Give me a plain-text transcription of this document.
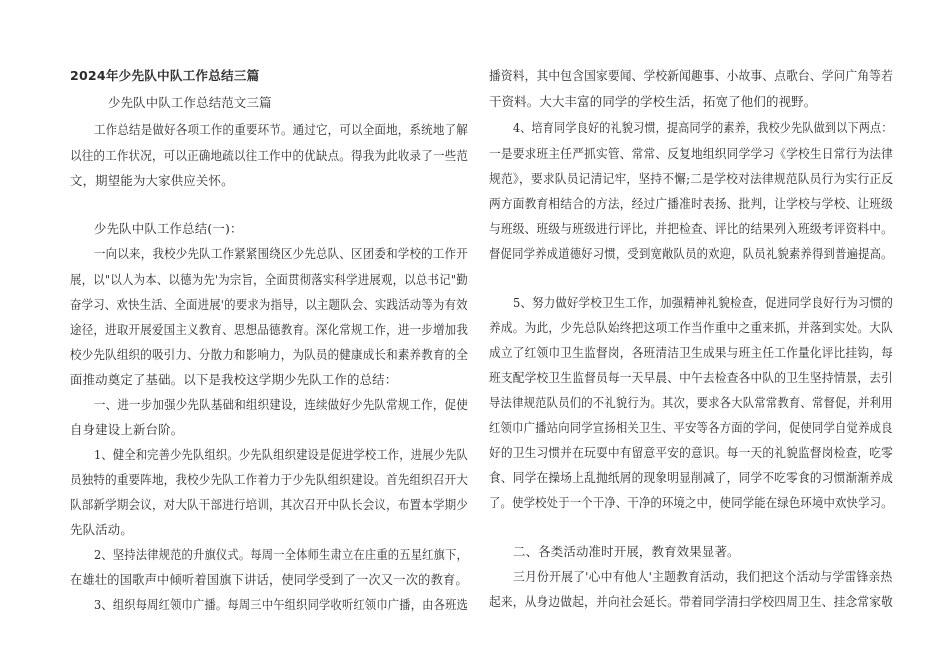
2024年少先队中队工作总结三篇
少先队中队工作总结范文三篇
工作总结是做好各项工作的重要环节。通过它，可以全面地，系统地了解
以往的工作状况，可以正确地疏以往工作中的优缺点。得我为此收录了一些范
文，期望能为大家供应关怀。
少先队中队工作总结(一)：
一向以来，我校少先队工作紧紧围绕区少先总队、区团委和学校的工作开
展，以"以人为本、以德为先'为宗旨，全面贯彻落实科学进展观，以总书记"勤
奋学习、欢快生活、全面进展'的要求为指导，以主题队会、实践活动等为有效
途径，进取开展爱国主义教育、思想品德教育。深化常规工作，进一步增加我
校少先队组织的吸引力、分散力和影响力，为队员的健康成长和素养教育的全
面推动奠定了基础。以下是我校这学期少先队工作的总结：
一、进一步加强少先队基础和组织建设，连续做好少先队常规工作，促使
自身建设上新台阶。
1、健全和完善少先队组织。少先队组织建设是促进学校工作，进展少先队
员独特的重要阵地，我校少先队工作着力于少先队组织建设。首先组织召开大
队部新学期会议，对大队干部进行培训，其次召开中队长会议，布置本学期少
先队活动。
2、坚持法律规范的升旗仪式。每周一全体师生肃立在庄重的五星红旗下，
在雄壮的国歌声中倾听着国旗下讲话，使同学受到了一次又一次的教育。
3、组织每周红领巾广播。每周三中午组织同学收听红领巾广播，由各班选
播资料，其中包含国家要闻、学校新闻趣事、小故事、点歌台、学问广角等若
干资料。大大丰富的同学的学校生活，拓宽了他们的视野。
4、培育同学良好的礼貌习惯，提高同学的素养，我校少先队做到以下两点：
一是要求班主任严抓实管、常常、反复地组织同学学习《学校生日常行为法律
规范》，要求队员记清记牢，坚持不懈;二是学校对法律规范队员行为实行正反
两方面教育相结合的方法，经过广播准时表扬、批判，让学校与学校、让班级
与班级、班级与班级进行评比，并把检查、评比的结果列入班级考评资料中。
督促同学养成道德好习惯，受到宽敞队员的欢迎，队员礼貌素养得到普遍提高。
5、努力做好学校卫生工作，加强精神礼貌检查，促进同学良好行为习惯的
养成。为此，少先总队始终把这项工作当作重中之重来抓，并落到实处。大队
成立了红领巾卫生监督岗，各班清洁卫生成果与班主任工作量化评比挂钩，每
班支配学校卫生监督员每一天早晨、中午去检查各中队的卫生坚持情景，去引
导法律规范队员们的不礼貌行为。其次，要求各大队常常教育、常督促，并利用
红领巾广播站向同学宣扬相关卫生、平安等各方面的学问，促使同学自觉养成良
好的卫生习惯并在玩耍中有留意平安的意识。每一天的礼貌监督岗检查，吃零
食、同学在操场上乱抛纸屑的现象明显削减了，同学不吃零食的习惯渐渐养成
了。使学校处于一个干净、干净的环境之中，使同学能在绿色环境中欢快学习。
二、各类活动准时开展，教育效果显著。
三月份开展了'心中有他人'主题教育活动，我们把这个活动与学雷锋亲热
起来，从身边做起，并向社会延长。带着同学清扫学校四周卫生、挂念常家敬
